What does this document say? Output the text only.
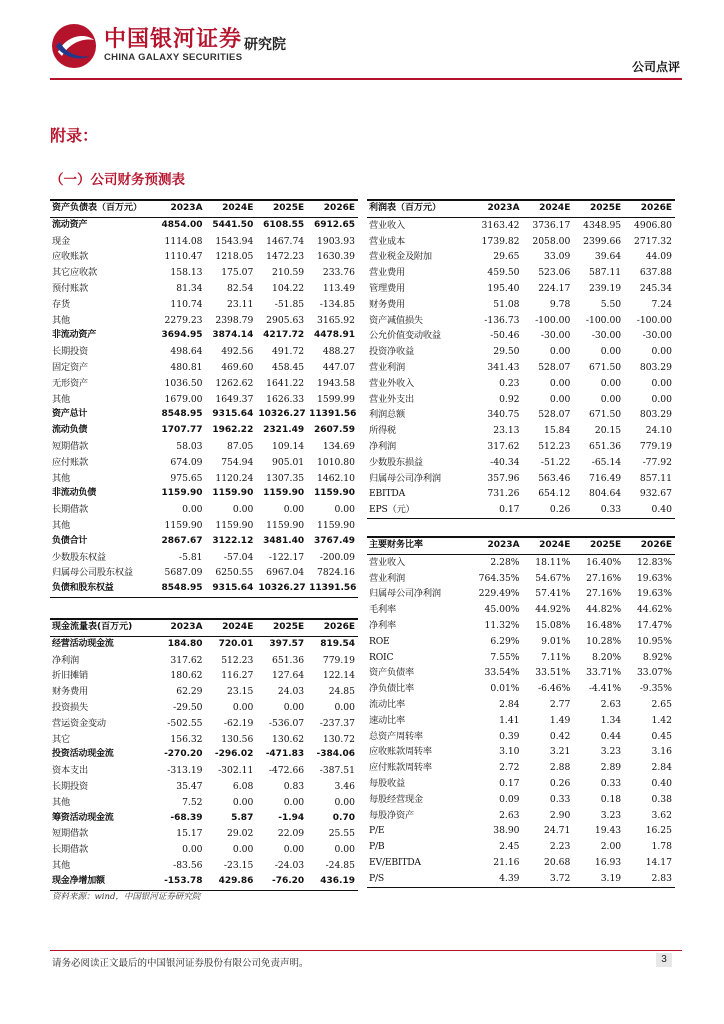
中国银河证券 研究院
CHINA GALAXY SECURITIES
公司点评
附录：
（一）公司财务预测表
资产负债表（百万元）	2023A	2024E	2025E	2026E
流动资产	4854.00	5441.50	6108.55	6912.65
现金	1114.08	1543.94	1467.74	1903.93
应收账款	1110.47	1218.05	1472.23	1630.39
其它应收款	158.13	175.07	210.59	233.76
预付账款	81.34	82.54	104.22	113.49
存货	110.74	23.11	-51.85	-134.85
其他	2279.23	2398.79	2905.63	3165.92
非流动资产	3694.95	3874.14	4217.72	4478.91
长期投资	498.64	492.56	491.72	488.27
固定资产	480.81	469.60	458.45	447.07
无形资产	1036.50	1262.62	1641.22	1943.58
其他	1679.00	1649.37	1626.33	1599.99
资产总计	8548.95	9315.64	10326.27	11391.56
流动负债	1707.77	1962.22	2321.49	2607.59
短期借款	58.03	87.05	109.14	134.69
应付账款	674.09	754.94	905.01	1010.80
其他	975.65	1120.24	1307.35	1462.10
非流动负债	1159.90	1159.90	1159.90	1159.90
长期借款	0.00	0.00	0.00	0.00
其他	1159.90	1159.90	1159.90	1159.90
负债合计	2867.67	3122.12	3481.40	3767.49
少数股东权益	-5.81	-57.04	-122.17	-200.09
归属母公司股东权益	5687.09	6250.55	6967.04	7824.16
负债和股东权益	8548.95	9315.64	10326.27	11391.56
现金流量表(百万元)	2023A	2024E	2025E	2026E
经营活动现金流	184.80	720.01	397.57	819.54
净利润	317.62	512.23	651.36	779.19
折旧摊销	180.62	116.27	127.64	122.14
财务费用	62.29	23.15	24.03	24.85
投资损失	-29.50	0.00	0.00	0.00
营运资金变动	-502.55	-62.19	-536.07	-237.37
其它	156.32	130.56	130.62	130.72
投资活动现金流	-270.20	-296.02	-471.83	-384.06
资本支出	-313.19	-302.11	-472.66	-387.51
长期投资	35.47	6.08	0.83	3.46
其他	7.52	0.00	0.00	0.00
筹资活动现金流	-68.39	5.87	-1.94	0.70
短期借款	15.17	29.02	22.09	25.55
长期借款	0.00	0.00	0.00	0.00
其他	-83.56	-23.15	-24.03	-24.85
现金净增加额	-153.78	429.86	-76.20	436.19
利润表（百万元）	2023A	2024E	2025E	2026E
营业收入	3163.42	3736.17	4348.95	4906.80
营业成本	1739.82	2058.00	2399.66	2717.32
营业税金及附加	29.65	33.09	39.64	44.09
营业费用	459.50	523.06	587.11	637.88
管理费用	195.40	224.17	239.19	245.34
财务费用	51.08	9.78	5.50	7.24
资产减值损失	-136.73	-100.00	-100.00	-100.00
公允价值变动收益	-50.46	-30.00	-30.00	-30.00
投资净收益	29.50	0.00	0.00	0.00
营业利润	341.43	528.07	671.50	803.29
营业外收入	0.23	0.00	0.00	0.00
营业外支出	0.92	0.00	0.00	0.00
利润总额	340.75	528.07	671.50	803.29
所得税	23.13	15.84	20.15	24.10
净利润	317.62	512.23	651.36	779.19
少数股东损益	-40.34	-51.22	-65.14	-77.92
归属母公司净利润	357.96	563.46	716.49	857.11
EBITDA	731.26	654.12	804.64	932.67
EPS（元）	0.17	0.26	0.33	0.40
主要财务比率	2023A	2024E	2025E	2026E
营业收入	2.28%	18.11%	16.40%	12.83%
营业利润	764.35%	54.67%	27.16%	19.63%
归属母公司净利润	229.49%	57.41%	27.16%	19.63%
毛利率	45.00%	44.92%	44.82%	44.62%
净利率	11.32%	15.08%	16.48%	17.47%
ROE	6.29%	9.01%	10.28%	10.95%
ROIC	7.55%	7.11%	8.20%	8.92%
资产负债率	33.54%	33.51%	33.71%	33.07%
净负债比率	0.01%	-6.46%	-4.41%	-9.35%
流动比率	2.84	2.77	2.63	2.65
速动比率	1.41	1.49	1.34	1.42
总资产周转率	0.39	0.42	0.44	0.45
应收账款周转率	3.10	3.21	3.23	3.16
应付账款周转率	2.72	2.88	2.89	2.84
每股收益	0.17	0.26	0.33	0.40
每股经营现金	0.09	0.33	0.18	0.38
每股净资产	2.63	2.90	3.23	3.62
P/E	38.90	24.71	19.43	16.25
P/B	2.45	2.23	2.00	1.78
EV/EBITDA	21.16	20.68	16.93	14.17
P/S	4.39	3.72	3.19	2.83
资料来源：wind，中国银河证券研究院
请务必阅读正文最后的中国银河证券股份有限公司免责声明。	3
